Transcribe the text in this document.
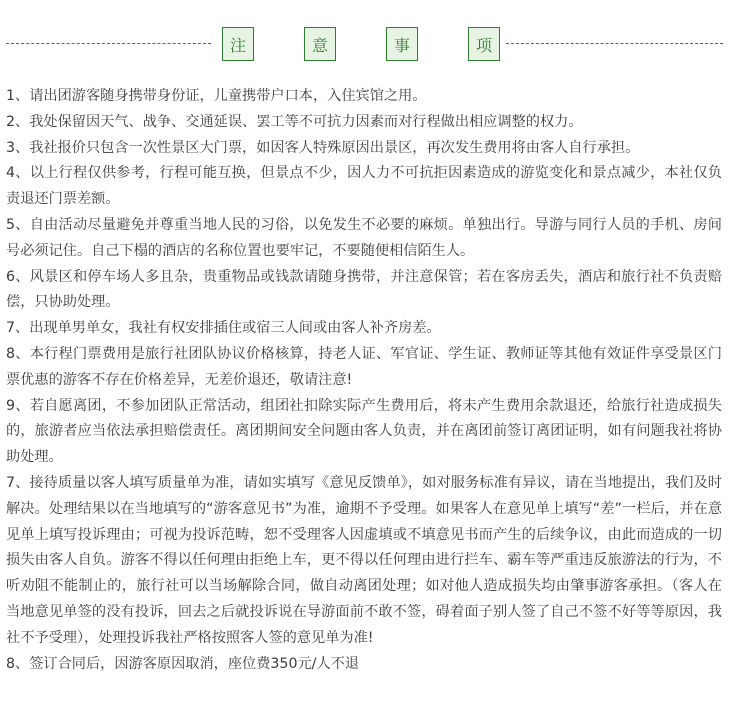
注	意	事	项

1、请出团游客随身携带身份证，儿童携带户口本，入住宾馆之用。

2、我处保留因天气、战争、交通延误、罢工等不可抗力因素而对行程做出相应调整的权力。

3、我社报价只包含一次性景区大门票，如因客人特殊原因出景区，再次发生费用将由客人自行承担。

4、以上行程仅供参考，行程可能互换，但景点不少，因人力不可抗拒因素造成的游览变化和景点减少，本社仅负责退还门票差额。

5、自由活动尽量避免并尊重当地人民的习俗，以免发生不必要的麻烦。单独出行。导游与同行人员的手机、房间号必须记住。自己下榻的酒店的名称位置也要牢记，不要随便相信陌生人。

6、风景区和停车场人多且杂，贵重物品或钱款请随身携带，并注意保管；若在客房丢失，酒店和旅行社不负责赔偿，只协助处理。

7、出现单男单女，我社有权安排插住或宿三人间或由客人补齐房差。

8、本行程门票费用是旅行社团队协议价格核算，持老人证、军官证、学生证、教师证等其他有效证件享受景区门票优惠的游客不存在价格差异，无差价退还，敬请注意!

9、若自愿离团，不参加团队正常活动，组团社扣除实际产生费用后，将未产生费用余款退还，给旅行社造成损失的，旅游者应当依法承担赔偿责任。离团期间安全问题由客人负责，并在离团前签订离团证明，如有问题我社将协助处理。

7、接待质量以客人填写质量单为准，请如实填写《意见反馈单》，如对服务标准有异议，请在当地提出，我们及时解决。处理结果以在当地填写的“游客意见书”为准，逾期不予受理。如果客人在意见单上填写“差”一栏后，并在意见单上填写投诉理由；可视为投诉范畴，恕不受理客人因虚填或不填意见书而产生的后续争议，由此而造成的一切损失由客人自负。游客不得以任何理由拒绝上车，更不得以任何理由进行拦车、霸车等严重违反旅游法的行为，不听劝阻不能制止的，旅行社可以当场解除合同，做自动离团处理；如对他人造成损失均由肇事游客承担。（客人在当地意见单签的没有投诉，回去之后就投诉说在导游面前不敢不签，碍着面子别人签了自己不签不好等等原因，我社不予受理），处理投诉我社严格按照客人签的意见单为准!

8、签订合同后，因游客原因取消，座位费350元/人不退
